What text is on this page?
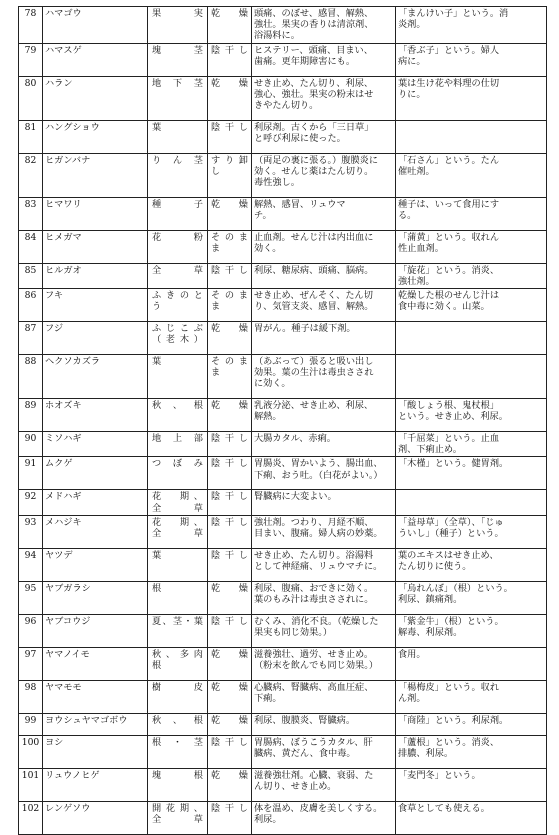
78	ハマゴウ	果　実	乾　燥	頭痛、のぼせ、感冒、解熱、
強壮。果実の香りは清涼剤、
浴湯料に。	「まんけい子」という。消
炎剤。

79	ハマスゲ	塊　茎	陰干し	ヒステリー、頭痛、目まい、
歯痛。更年期障害にも。	「香ぶ子」という。婦人
病に。

80	ハラン	地下茎	乾　燥	せき止め、たん切り、利尿、
強心、強壮。果実の粉末はせ
きやたん切り。	葉は生け花や料理の仕切
りに。

81	ハングショウ	葉	陰干し	利尿剤。古くから「三日草」
と呼び利尿に使った。	

82	ヒガンバナ	りん茎	すり卸
し	（両足の裏に張る。）腹膜炎に
効く。せんじ薬はたん切り。
毒性強し。	「石さん」という。たん
催吐剤。

83	ヒマワリ	種　子	乾　燥	解熱、感冒、リュウマ
チ。	種子は、いって食用にす
る。

84	ヒメガマ	花　粉	そのま
ま	止血剤。せんじ汁は内出血に
効く。	「蒲黄」という。収れん
性止血剤。

85	ヒルガオ	全　草	陰干し	利尿、糖尿病、頭痛、脳病。	「旋花」という。消炎、
強壮剤。

86	フキ	ふきのと
う	そのま
ま	せき止め、ぜんそく、たん切
り、気管支炎、感冒、解熱。	乾燥した根のせんじ汁は
食中毒に効く。山菜。

87	フジ	ふじこぶ
（老木）	乾　燥	胃がん。種子は緩下剤。	

88	ヘクソカズラ	葉	そのま
ま	（あぶって）張ると吸い出し
効果。葉の生汁は毒虫さされ
に効く。	

89	ホオズキ	秋、根	乾　燥	乳液分泌、せき止め、利尿、
解熱。	「酸しょう根、鬼杖根」
という。せき止め、利尿。

90	ミソハギ	地上部	陰干し	大腸カタル、赤痢。	「千屈菜」という。止血
剤、下痢止め。

91	ムクゲ	つぼみ	陰干し	胃腸炎、胃かいよう、腸出血、
下痢、おう吐。（白花がよい。）	「木槿」という。健胃剤。

92	メドハギ	花　期、
全　草	陰干し	腎臓病に大変よい。	

93	メハジキ	花　期、
全　草	陰干し	強壮剤。つわり、月経不順、
目まい、腹痛。婦人病の妙薬。	「益母草」（全草）、「じゅ
ういし」（種子）という。

94	ヤツデ	葉	陰干し	せき止め、たん切り。浴湯料
として神経痛、リュウマチに。	葉のエキスはせき止め、
たん切りに使う。

95	ヤブガラシ	根	乾　燥	利尿、腹痛、おできに効く。
葉のもみ汁は毒虫さされに。	「烏れんぼ」（根）という。
利尿、鎮痛剤。

96	ヤブコウジ	夏、茎・葉	陰干し	むくみ、消化不良。（乾燥した
果実も同じ効果。）	「紫金牛」（根）という。
解毒、利尿剤。

97	ヤマノイモ	秋、多肉
根	乾　燥	滋養強壮、過労、せき止め。
（粉末を飲んでも同じ効果。）	食用。

98	ヤマモモ	樹　皮	乾　燥	心臓病、腎臓病、高血圧症、
下痢。	「楊梅皮」という。収れ
ん剤。

99	ヨウシュヤマゴボウ	秋、根	乾　燥	利尿、腹膜炎、腎臓病。	「商陸」という。利尿剤。

100	ヨシ	根・茎	陰干し	胃腸病、ぼうこうカタル、肝
臓病、黄だん、食中毒。	「蘆根」という。消炎、
排膿、利尿。

101	リュウノヒゲ	塊　根	乾　燥	滋養強壮剤。心臓、衰弱、た
ん切り、せき止め。	「麦門冬」という。

102	レンゲソウ	開花期、
全　草	陰干し	体を温め、皮膚を美しくする。
利尿。	食草としても使える。
